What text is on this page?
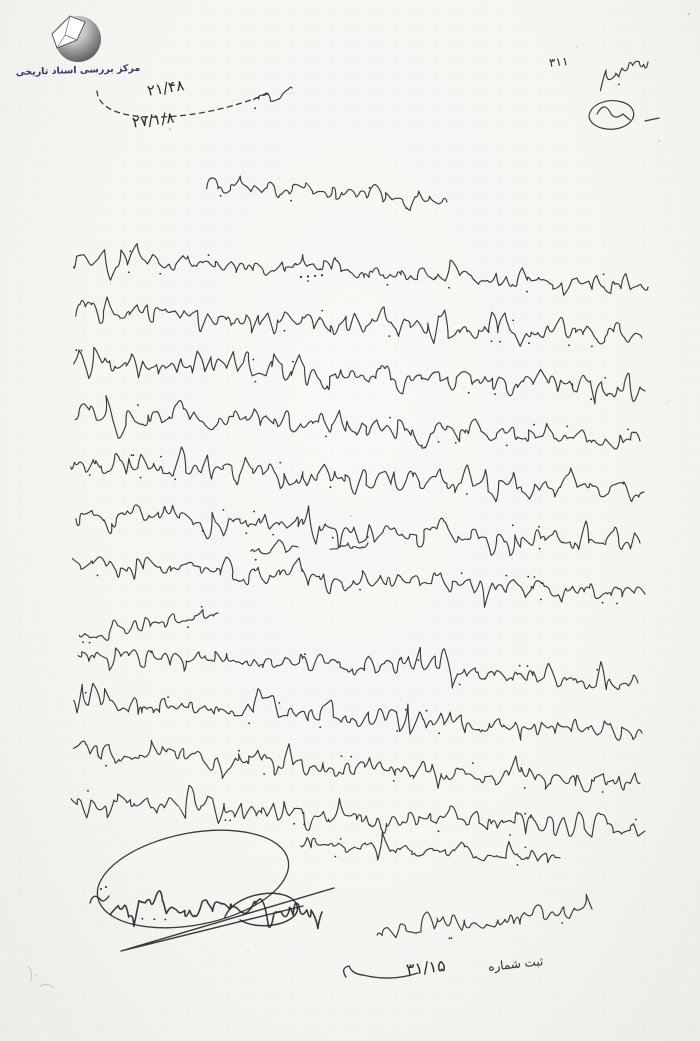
مرکز بررسی اسناد تاریخی
۲۱/۴۸
۲۷/۱/۸
۳۱۱
ثبت شماره
۳۱/۱۵
